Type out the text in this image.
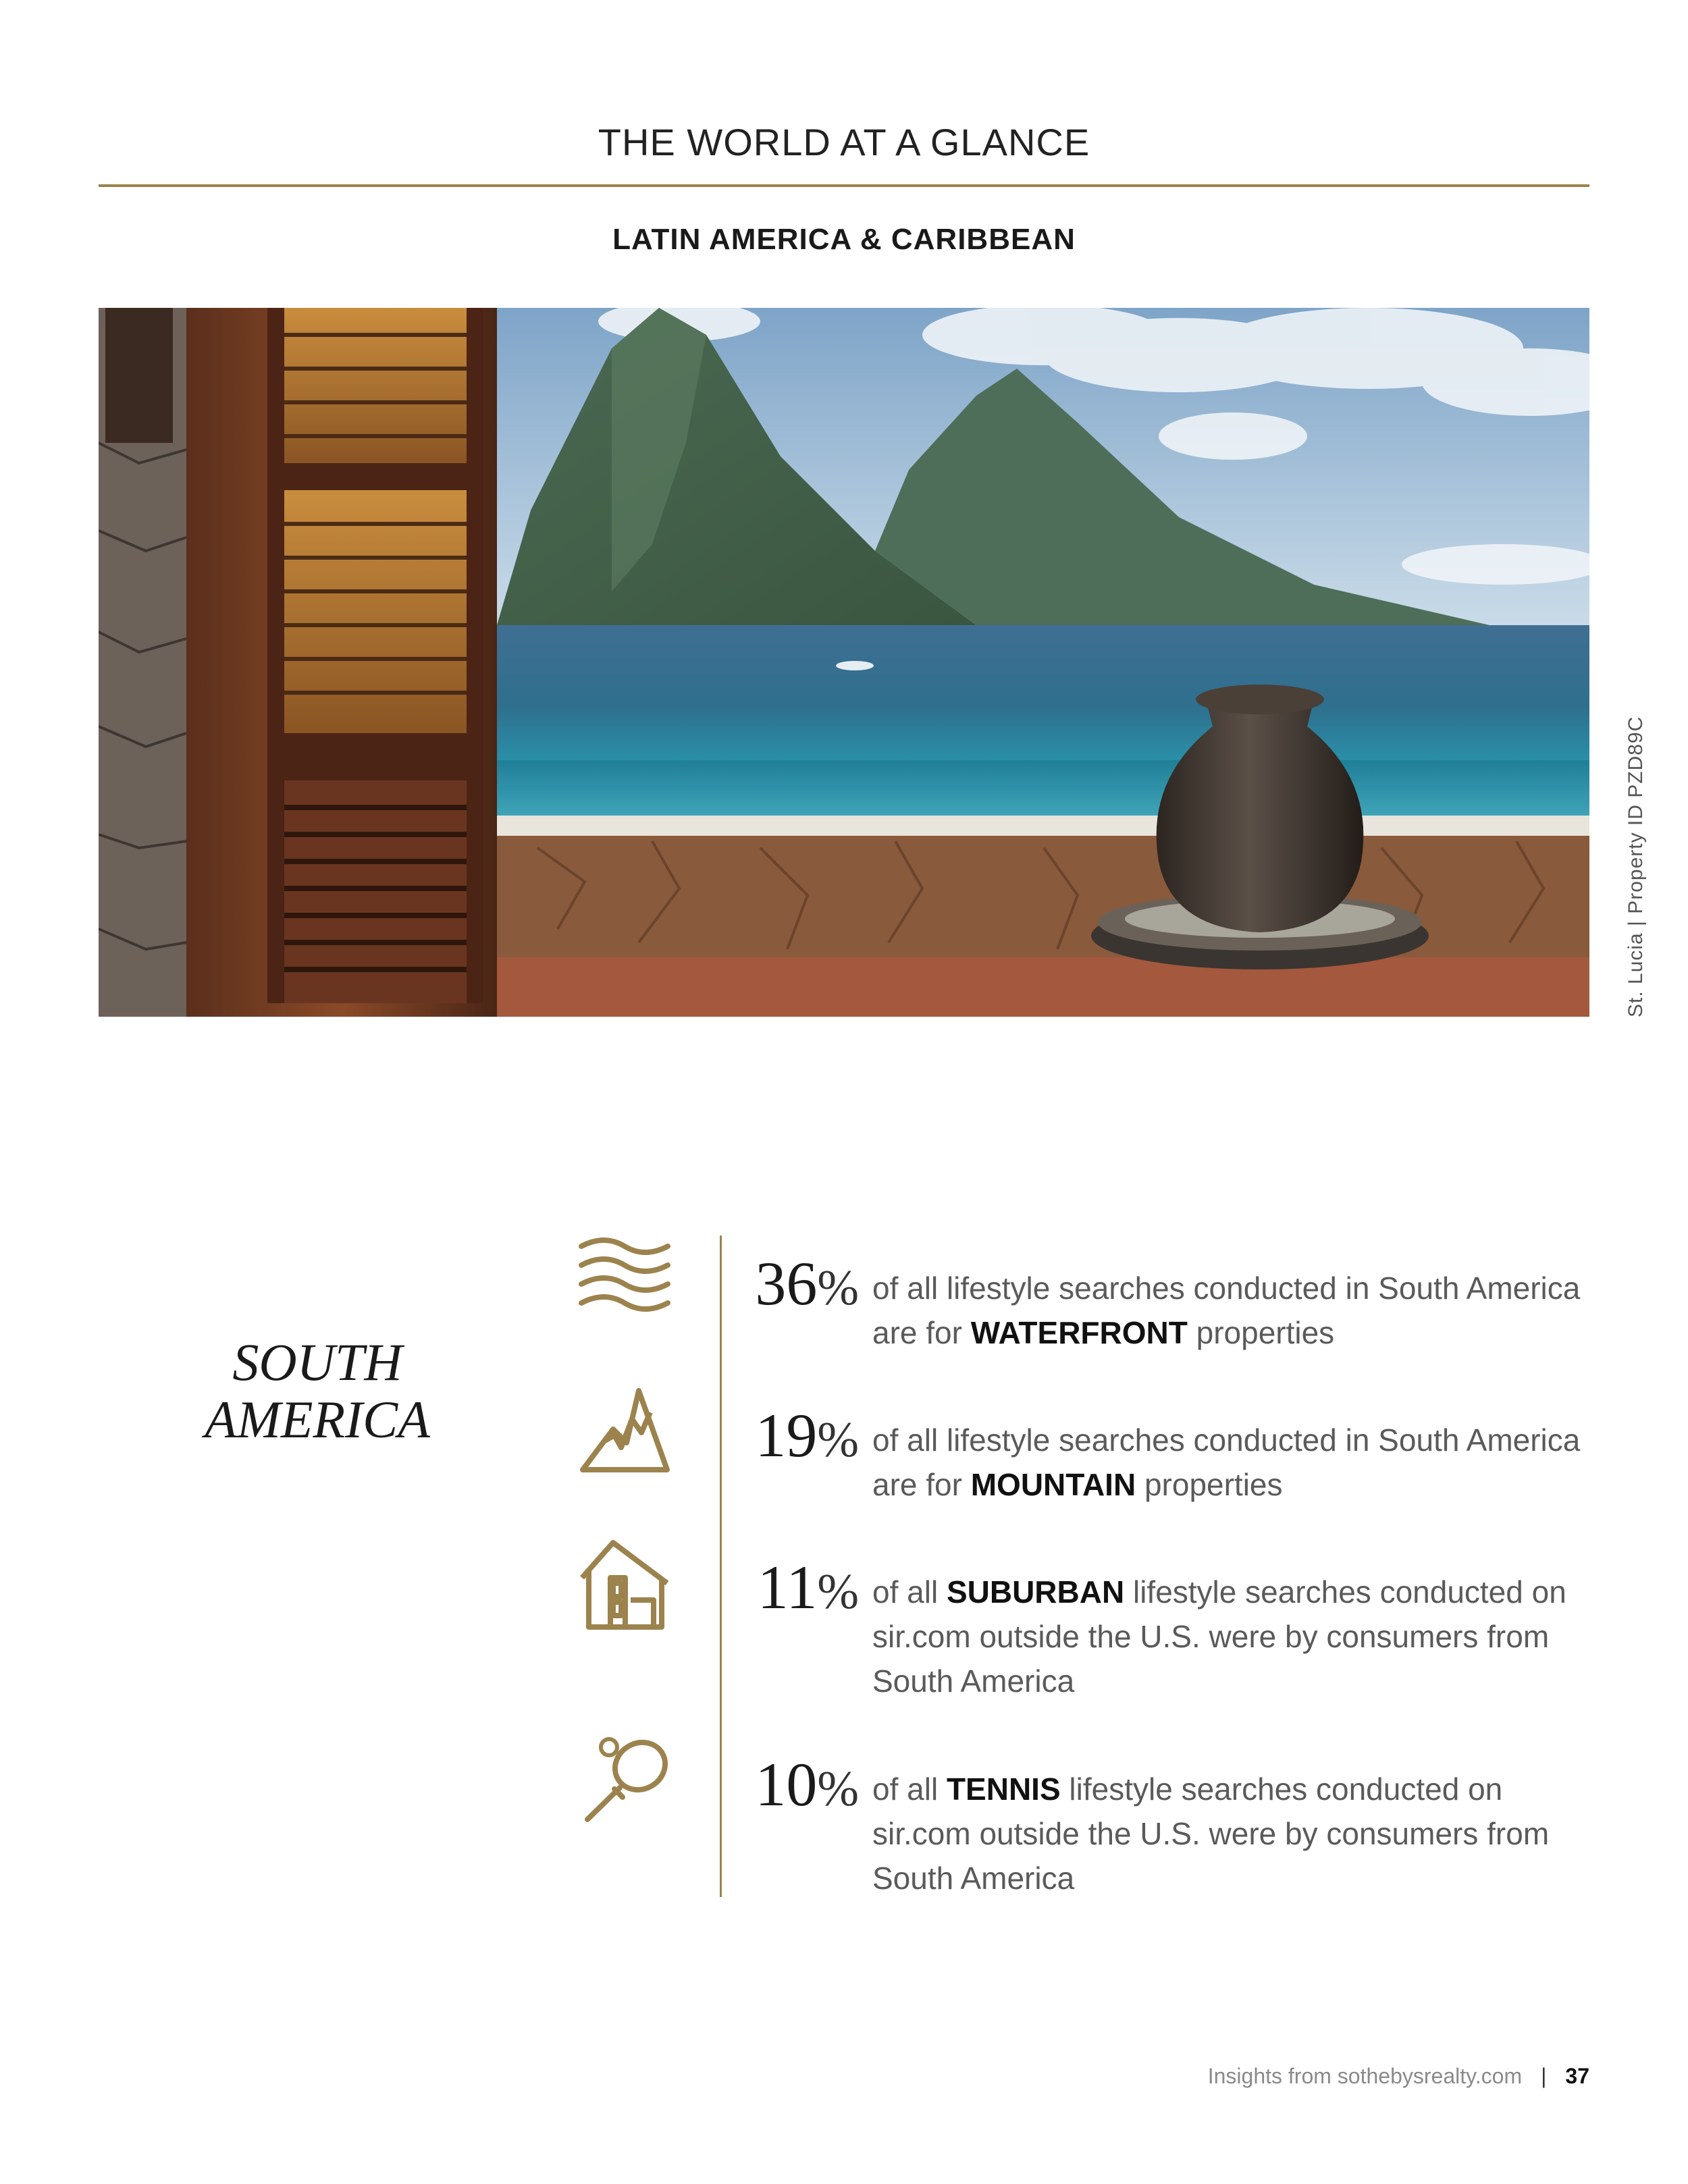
THE WORLD AT A GLANCE
LATIN AMERICA & CARIBBEAN
St. Lucia | Property ID PZD89C
SOUTH
AMERICA
36% of all lifestyle searches conducted in South America are for WATERFRONT properties
19% of all lifestyle searches conducted in South America are for MOUNTAIN properties
11% of all SUBURBAN lifestyle searches conducted on sir.com outside the U.S. were by consumers from South America
10% of all TENNIS lifestyle searches conducted on sir.com outside the U.S. were by consumers from South America
Insights from sothebysrealty.com | 37
